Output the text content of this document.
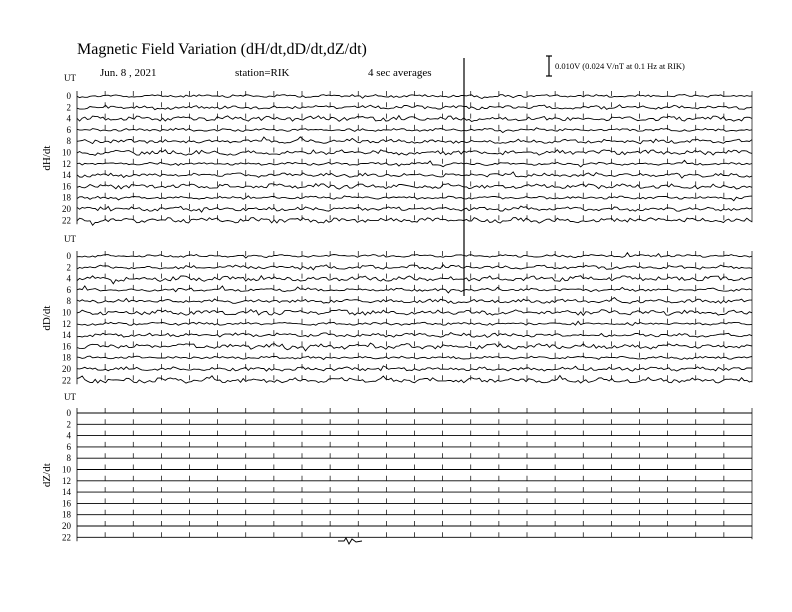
Magnetic Field Variation (dH/dt,dD/dt,dZ/dt)
Jun. 8 , 2021	station=RIK	4 sec averages
0.010V (0.024 V/nT at 0.1 Hz at RIK)
UT
dH/dt
0
2
4
6
8
10
12
14
16
18
20
22
UT
dD/dt
0
2
4
6
8
10
12
14
16
18
20
22
UT
dZ/dt
0
2
4
6
8
10
12
14
16
18
20
22
